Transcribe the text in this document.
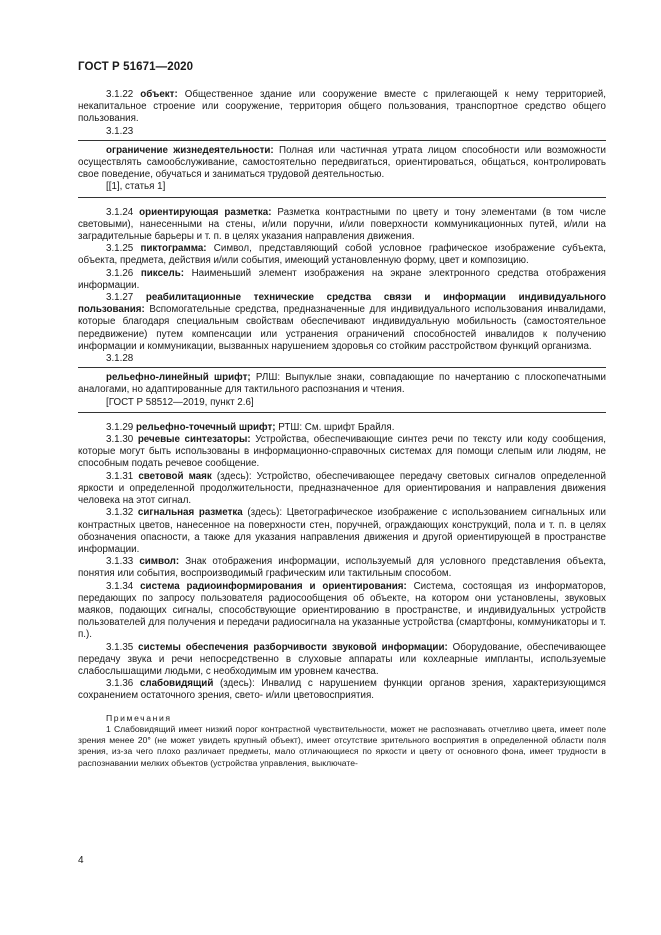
ГОСТ Р 51671—2020

3.1.22 объект: Общественное здание или сооружение вместе с прилегающей к нему территорией, некапитальное строение или сооружение, территория общего пользования, транспортное средство общего пользования.

3.1.23

ограничение жизнедеятельности: Полная или частичная утрата лицом способности или возможности осуществлять самообслуживание, самостоятельно передвигаться, ориентироваться, общаться, контролировать свое поведение, обучаться и заниматься трудовой деятельностью.

[[1], статья 1]

3.1.24 ориентирующая разметка: Разметка контрастными по цвету и тону элементами (в том числе световыми), нанесенными на стены, и/или поручни, и/или поверхности коммуникационных путей, и/или на заградительные барьеры и т. п. в целях указания направления движения.

3.1.25 пиктограмма: Символ, представляющий собой условное графическое изображение субъекта, объекта, предмета, действия и/или события, имеющий установленную форму, цвет и композицию.

3.1.26 пиксель: Наименьший элемент изображения на экране электронного средства отображения информации.

3.1.27 реабилитационные технические средства связи и информации индивидуального пользования: Вспомогательные средства, предназначенные для индивидуального использования инвалидами, которые благодаря специальным свойствам обеспечивают индивидуальную мобильность (самостоятельное передвижение) путем компенсации или устранения ограничений способностей инвалидов к получению информации и коммуникации, вызванных нарушением здоровья со стойким расстройством функций организма.

3.1.28

рельефно-линейный шрифт; РЛШ: Выпуклые знаки, совпадающие по начертанию с плоскопечатными аналогами, но адаптированные для тактильного распознания и чтения.

[ГОСТ Р 58512—2019, пункт 2.6]

3.1.29 рельефно-точечный шрифт; РТШ: См. шрифт Брайля.

3.1.30 речевые синтезаторы: Устройства, обеспечивающие синтез речи по тексту или коду сообщения, которые могут быть использованы в информационно-справочных системах для помощи слепым или людям, не способным подать речевое сообщение.

3.1.31 световой маяк (здесь): Устройство, обеспечивающее передачу световых сигналов определенной яркости и определенной продолжительности, предназначенное для ориентирования и направления движения человека на этот сигнал.

3.1.32 сигнальная разметка (здесь): Цветографическое изображение с использованием сигнальных или контрастных цветов, нанесенное на поверхности стен, поручней, ограждающих конструкций, пола и т. п. в целях обозначения опасности, а также для указания направления движения и другой ориентирующей в пространстве информации.

3.1.33 символ: Знак отображения информации, используемый для условного представления объекта, понятия или события, воспроизводимый графическим или тактильным способом.

3.1.34 система радиоинформирования и ориентирования: Система, состоящая из информаторов, передающих по запросу пользователя радиосообщения об объекте, на котором они установлены, звуковых маяков, подающих сигналы, способствующие ориентированию в пространстве, и индивидуальных устройств пользователей для получения и передачи радиосигнала на указанные устройства (смартфоны, коммуникаторы и т. п.).

3.1.35 системы обеспечения разборчивости звуковой информации: Оборудование, обеспечивающее передачу звука и речи непосредственно в слуховые аппараты или кохлеарные импланты, используемые слабослышащими людьми, с необходимым им уровнем качества.

3.1.36 слабовидящий (здесь): Инвалид с нарушением функции органов зрения, характеризующимся сохранением остаточного зрения, свето- и/или цветовосприятия.

Примечания

1 Слабовидящий имеет низкий порог контрастной чувствительности, может не распознавать отчетливо цвета, имеет поле зрения менее 20° (не может увидеть крупный объект), имеет отсутствие зрительного восприятия в определенной области поля зрения, из-за чего плохо различает предметы, мало отличающиеся по яркости и цвету от основного фона, имеет трудности в распознавании мелких объектов (устройства управления, выключате-

4
